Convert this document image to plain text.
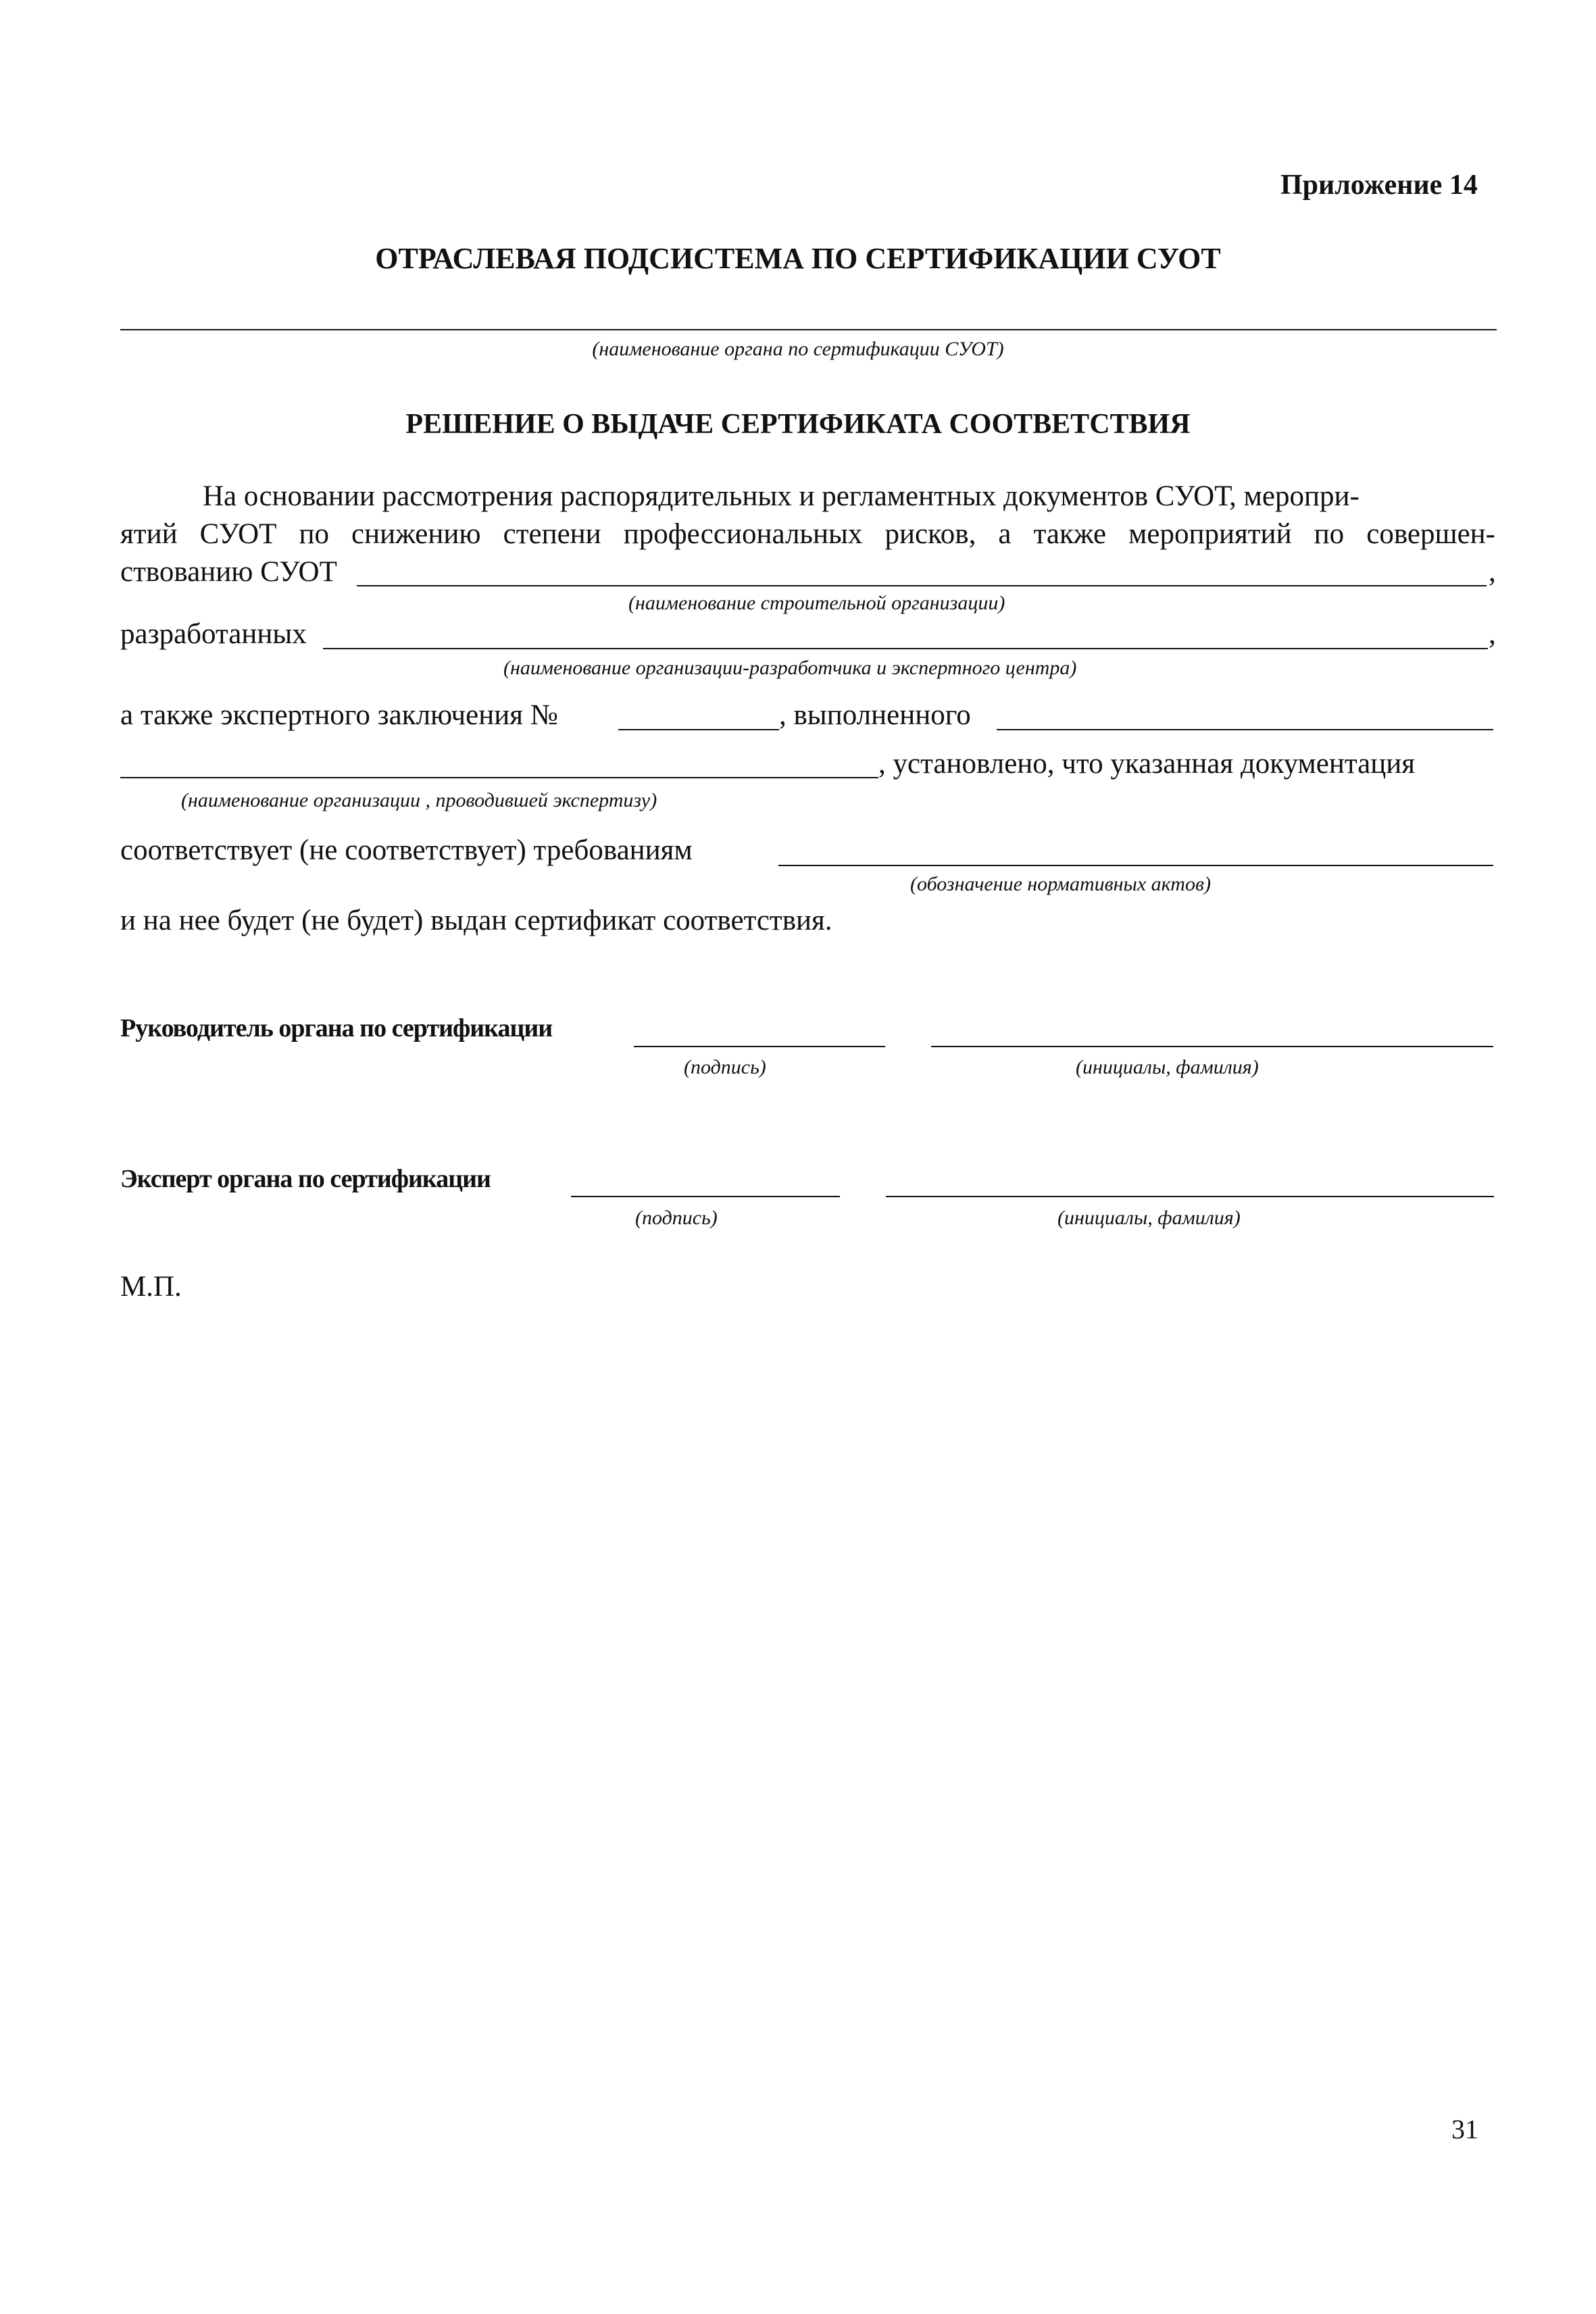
Приложение 14
ОТРАСЛЕВАЯ ПОДСИСТЕМА ПО СЕРТИФИКАЦИИ СУОТ
(наименование органа по сертификации СУОТ)
РЕШЕНИЕ О ВЫДАЧЕ СЕРТИФИКАТА СООТВЕТСТВИЯ
На основании рассмотрения распорядительных и регламентных документов СУОТ, меропри-
ятий СУОТ по снижению степени профессиональных рисков, а также мероприятий по совершен-
ствованию СУОТ	,
(наименование строительной организации)
разработанных	,
(наименование организации-разработчика и экспертного центра)
а также экспертного заключения №	, выполненного
, установлено, что указанная документация
(наименование организации , проводившей экспертизу)
соответствует (не соответствует) требованиям
(обозначение нормативных актов)
и на нее будет (не будет) выдан сертификат соответствия.
Руководитель органа по сертификации
(подпись)	(инициалы, фамилия)
Эксперт органа по сертификации
(подпись)	(инициалы, фамилия)
М.П.
31
